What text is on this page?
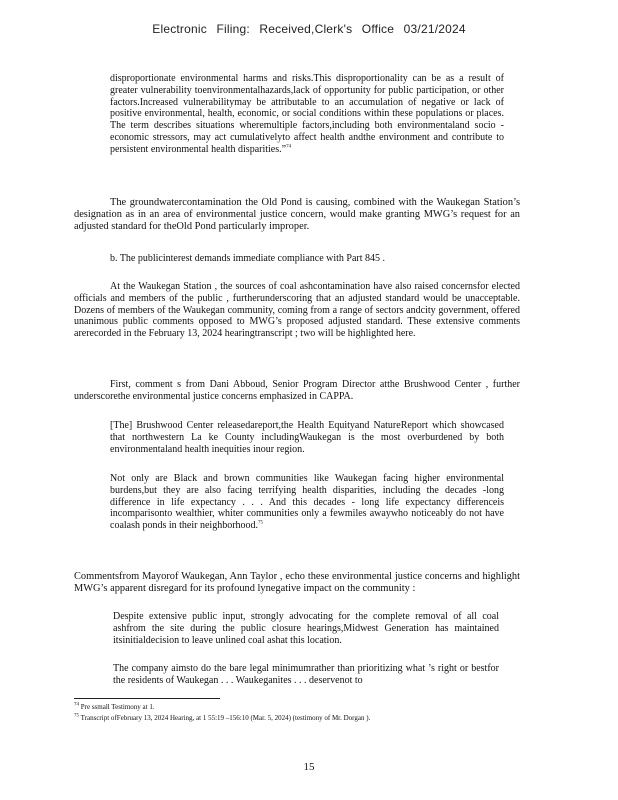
Electronic Filing: Received,Clerk's Office 03/21/2024
disproportionate environmental harms and risks.This disproportionality can be as a result of greater vulnerability toenvironmentalhazards,lack of opportunity for public participation, or other factors.Increased vulnerabilitymay be attributable to an accumulation of negative or lack of positive environmental, health, economic, or social conditions within these populations or places. The term describes situations wheremultiple factors,including both environmentaland socio -economic stressors, may act cumulativelyto affect health andthe environment and contribute to persistent environmental health disparities.”$^{74}$
The groundwatercontamination the Old Pond is causing, combined with the Waukegan Station’s designation as in an area of environmental justice concern, would make granting MWG’s request for an adjusted standard for theOld Pond particularly improper.
b. The publicinterest demands immediate compliance with Part 845 .
At the Waukegan Station , the sources of coal ashcontamination have also raised concernsfor elected officials and members of the public , furtherunderscoring that an adjusted standard would be unacceptable. Dozens of members of the Waukegan community, coming from a range of sectors andcity government, offered unanimous public comments opposed to MWG’s proposed adjusted standard. These extensive comments arerecorded in the February 13, 2024 hearingtranscript ; two will be highlighted here.
First, comment s from Dani Abboud, Senior Program Director atthe Brushwood Center , further underscorethe environmental justice concerns emphasized in CAPPA.
[The] Brushwood Center releasedareport,the Health Equityand NatureReport which showcased that northwestern La ke County includingWaukegan is the most overburdened by both environmentaland health inequities inour region.
Not only are Black and brown communities like Waukegan facing higher environmental burdens,but they are also facing terrifying health disparities, including the decades -long difference in life expectancy . . . And this decades - long life expectancy differenceis incomparisonto wealthier, whiter communities only a fewmiles awaywho noticeably do not have coalash ponds in their neighborhood.$^{75}$
Commentsfrom Mayorof Waukegan, Ann Taylor , echo these environmental justice concerns and highlight MWG’s apparent disregard for its profound lynegative impact on the community :
Despite extensive public input, strongly advocating for the complete removal of all coal ashfrom the site during the public closure hearings,Midwest Generation has maintained itsinitialdecision to leave unlined coal ashat this location.
The company aimsto do the bare legal minimumrather than prioritizing what ’s right or bestfor the residents of Waukegan . . . Waukeganites . . . deservenot to
$^{74}$ Pre ssmall Testimony at 1.
$^{75}$ Transcript ofFebruary 13, 2024 Hearing, at 1 55:19 –156:10 (Mar. 5, 2024) (testimony of Mr. Dorgan ).
15
